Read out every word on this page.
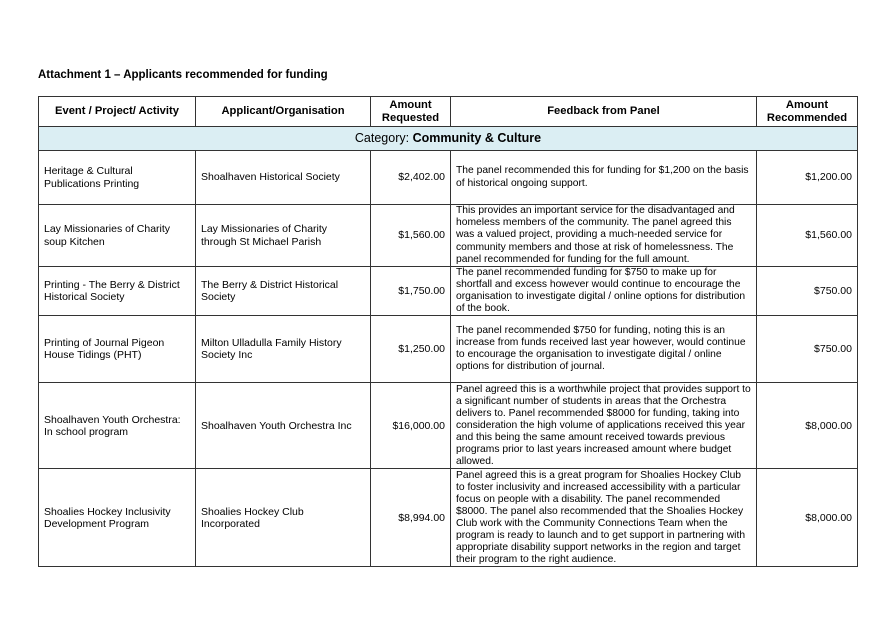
Attachment 1 – Applicants recommended for funding
Event / Project/ Activity	Applicant/Organisation	Amount Requested	Feedback from Panel	Amount Recommended
Category: Community & Culture				
Heritage & Cultural Publications Printing	Shoalhaven Historical Society	$2,402.00	The panel recommended this for funding for $1,200 on the basis of historical ongoing support.	$1,200.00
Lay Missionaries of Charity soup Kitchen	Lay Missionaries of Charity through St Michael Parish	$1,560.00	This provides an important service for the disadvantaged and homeless members of the community. The panel agreed this was a valued project, providing a much-needed service for community members and those at risk of homelessness. The panel recommended for funding for the full amount.	$1,560.00
Printing - The Berry & District Historical Society	The Berry & District Historical Society	$1,750.00	The panel recommended funding for $750 to make up for shortfall and excess however would continue to encourage the organisation to investigate digital / online options for distribution of the book.	$750.00
Printing of Journal Pigeon House Tidings (PHT)	Milton Ulladulla Family History Society Inc	$1,250.00	The panel recommended $750 for funding, noting this is an increase from funds received last year however, would continue to encourage the organisation to investigate digital / online options for distribution of journal.	$750.00
Shoalhaven Youth Orchestra: In school program	Shoalhaven Youth Orchestra Inc	$16,000.00	Panel agreed this is a worthwhile project that provides support to a significant number of students in areas that the Orchestra delivers to. Panel recommended $8000 for funding, taking into consideration the high volume of applications received this year and this being the same amount received towards previous programs prior to last years increased amount where budget allowed.	$8,000.00
Shoalies Hockey Inclusivity Development Program	Shoalies Hockey Club Incorporated	$8,994.00	Panel agreed this is a great program for Shoalies Hockey Club to foster inclusivity and increased accessibility with a particular focus on people with a disability. The panel recommended $8000. The panel also recommended that the Shoalies Hockey Club work with the Community Connections Team when the program is ready to launch and to get support in partnering with appropriate disability support networks in the region and target their program to the right audience.	$8,000.00
